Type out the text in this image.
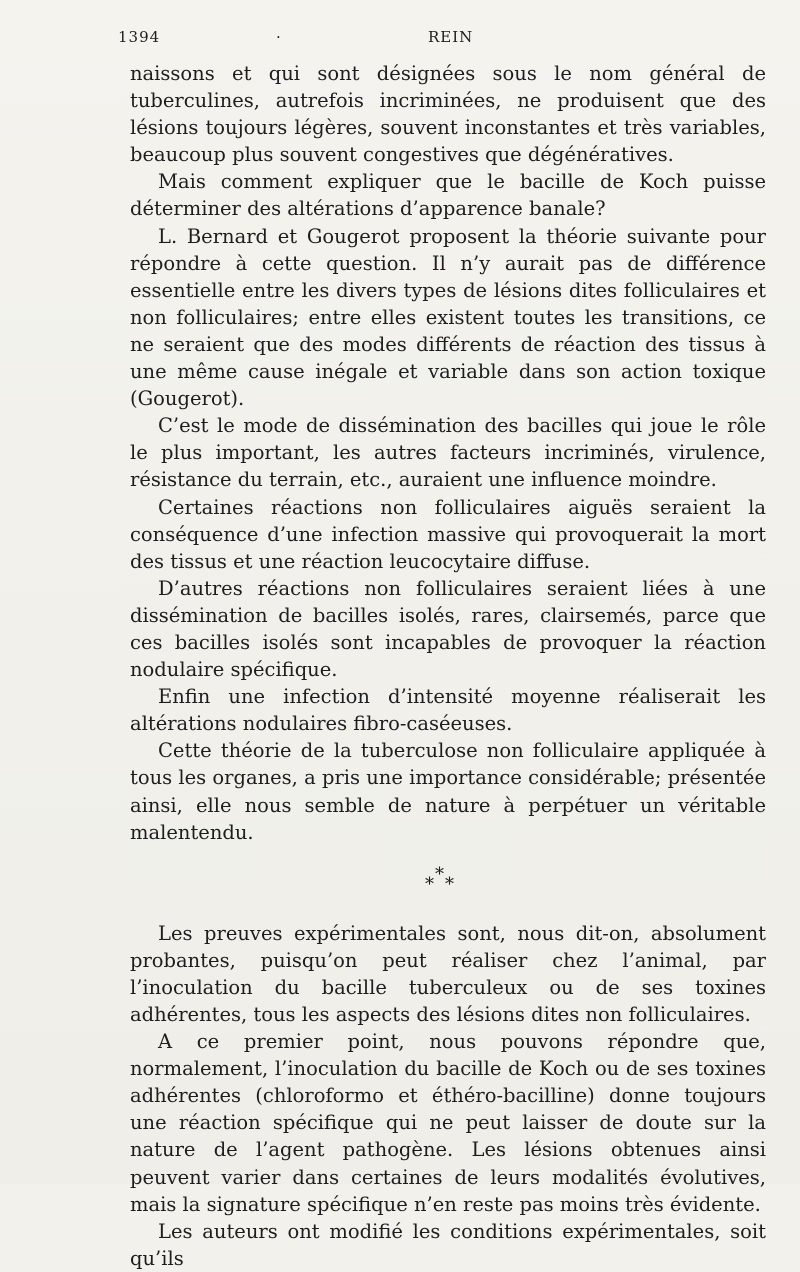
1394	·	REIN

naissons et qui sont désignées sous le nom général de tuberculines, autrefois incriminées, ne produisent que des lésions toujours légères, souvent inconstantes et très variables, beaucoup plus souvent congestives que dégénératives.

Mais comment expliquer que le bacille de Koch puisse déterminer des altérations d’apparence banale?

L. Bernard et Gougerot proposent la théorie suivante pour répondre à cette question. Il n’y aurait pas de différence essentielle entre les divers types de lésions dites folliculaires et non folliculaires; entre elles existent toutes les transitions, ce ne seraient que des modes différents de réaction des tissus à une même cause inégale et variable dans son action toxique (Gougerot).

C’est le mode de dissémination des bacilles qui joue le rôle le plus important, les autres facteurs incriminés, virulence, résistance du terrain, etc., auraient une influence moindre.

Certaines réactions non folliculaires aiguës seraient la conséquence d’une infection massive qui provoquerait la mort des tissus et une réaction leucocytaire diffuse.

D’autres réactions non folliculaires seraient liées à une dissémination de bacilles isolés, rares, clairsemés, parce que ces bacilles isolés sont incapables de provoquer la réaction nodulaire spécifique.

Enfin une infection d’intensité moyenne réaliserait les altérations nodulaires fibro-caséeuses.

Cette théorie de la tuberculose non folliculaire appliquée à tous les organes, a pris une importance considérable; présentée ainsi, elle nous semble de nature à perpétuer un véritable malentendu.

*
* *

Les preuves expérimentales sont, nous dit-on, absolument probantes, puisqu’on peut réaliser chez l’animal, par l’inoculation du bacille tuberculeux ou de ses toxines adhérentes, tous les aspects des lésions dites non folliculaires.

A ce premier point, nous pouvons répondre que, normalement, l’inoculation du bacille de Koch ou de ses toxines adhérentes (chloroformo et éthéro-bacilline) donne toujours une réaction spécifique qui ne peut laisser de doute sur la nature de l’agent pathogène. Les lésions obtenues ainsi peuvent varier dans certaines de leurs modalités évolutives, mais la signature spécifique n’en reste pas moins très évidente.

Les auteurs ont modifié les conditions expérimentales, soit qu’ils
